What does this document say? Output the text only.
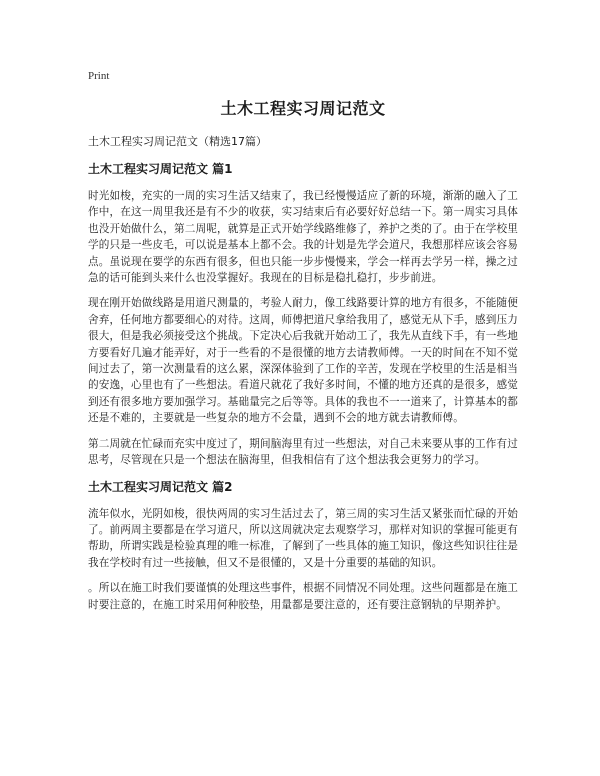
Print
土木工程实习周记范文
土木工程实习周记范文（精选17篇）
土木工程实习周记范文 篇1

时光如梭，充实的一周的实习生活又结束了，我已经慢慢适应了新的环境，渐渐的融入了工作中，在这一周里我还是有不少的收获，实习结束后有必要好好总结一下。第一周实习具体也没开始做什么，第二周呢，就算是正式开始学线路维修了，养护之类的了。由于在学校里学的只是一些皮毛，可以说是基本上都不会。我的计划是先学会道尺，我想那样应该会容易点。虽说现在要学的东西有很多，但也只能一步步慢慢来，学会一样再去学另一样，操之过急的话可能到头来什么也没掌握好。我现在的目标是稳扎稳打，步步前进。

现在刚开始做线路是用道尺测量的，考验人耐力，像工线路要计算的地方有很多，不能随便舍弃，任何地方都要细心的对待。这周，师傅把道尺拿给我用了，感觉无从下手，感到压力很大，但是我必须接受这个挑战。下定决心后我就开始动工了，我先从直线下手，有一些地方要看好几遍才能弄好，对于一些看的不是很懂的地方去请教师傅。一天的时间在不知不觉间过去了，第一次测量看的这么累，深深体验到了工作的辛苦，发现在学校里的生活是相当的安逸，心里也有了一些想法。看道尺就花了我好多时间，不懂的地方还真的是很多，感觉到还有很多地方要加强学习。基础量完之后等等。具体的我也不一一道来了，计算基本的都还是不难的，主要就是一些复杂的地方不会量，遇到不会的地方就去请教师傅。

第二周就在忙碌而充实中度过了，期间脑海里有过一些想法，对自己未来要从事的工作有过思考，尽管现在只是一个想法在脑海里，但我相信有了这个想法我会更努力的学习。

土木工程实习周记范文 篇2

流年似水，光阴如梭，很快两周的实习生活过去了，第三周的实习生活又紧张而忙碌的开始了。前两周主要都是在学习道尺，所以这周就决定去观察学习，那样对知识的掌握可能更有帮助，所谓实践是检验真理的唯一标准，了解到了一些具体的施工知识，像这些知识往往是我在学校时有过一些接触，但又不是很懂的，又是十分重要的基础的知识。

。所以在施工时我们要谨慎的处理这些事件，根据不同情况不同处理。这些问题都是在施工时要注意的，在施工时采用何种胶垫，用量都是要注意的，还有要注意钢轨的早期养护。
